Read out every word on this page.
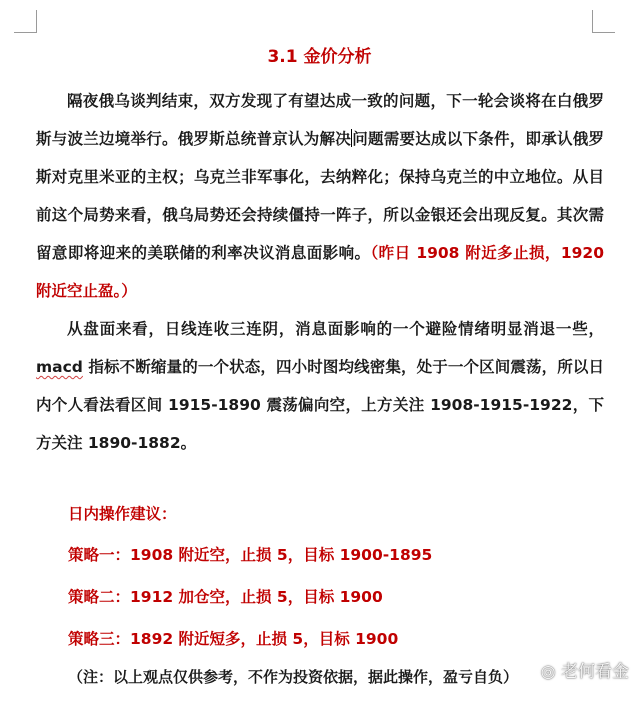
3.1 金价分析

隔夜俄乌谈判结束，双方发现了有望达成一致的问题，下一轮会谈将在白俄罗斯与波兰边境举行。俄罗斯总统普京认为解决问题需要达成以下条件，即承认俄罗斯对克里米亚的主权；乌克兰非军事化，去纳粹化；保持乌克兰的中立地位。从目前这个局势来看，俄乌局势还会持续僵持一阵子，所以金银还会出现反复。其次需留意即将迎来的美联储的利率决议消息面影响。（昨日 1908 附近多止损，1920 附近空止盈。）

从盘面来看，日线连收三连阴，消息面影响的一个避险情绪明显消退一些，macd 指标不断缩量的一个状态，四小时图均线密集，处于一个区间震荡，所以日内个人看法看区间 1915-1890 震荡偏向空，上方关注 1908-1915-1922，下方关注 1890-1882。

日内操作建议：
策略一：1908 附近空，止损 5，目标 1900-1895
策略二：1912 加仓空，止损 5，目标 1900
策略三：1892 附近短多，止损 5，目标 1900
（注：以上观点仅供参考，不作为投资依据，据此操作，盈亏自负） ◎ 老何看金
